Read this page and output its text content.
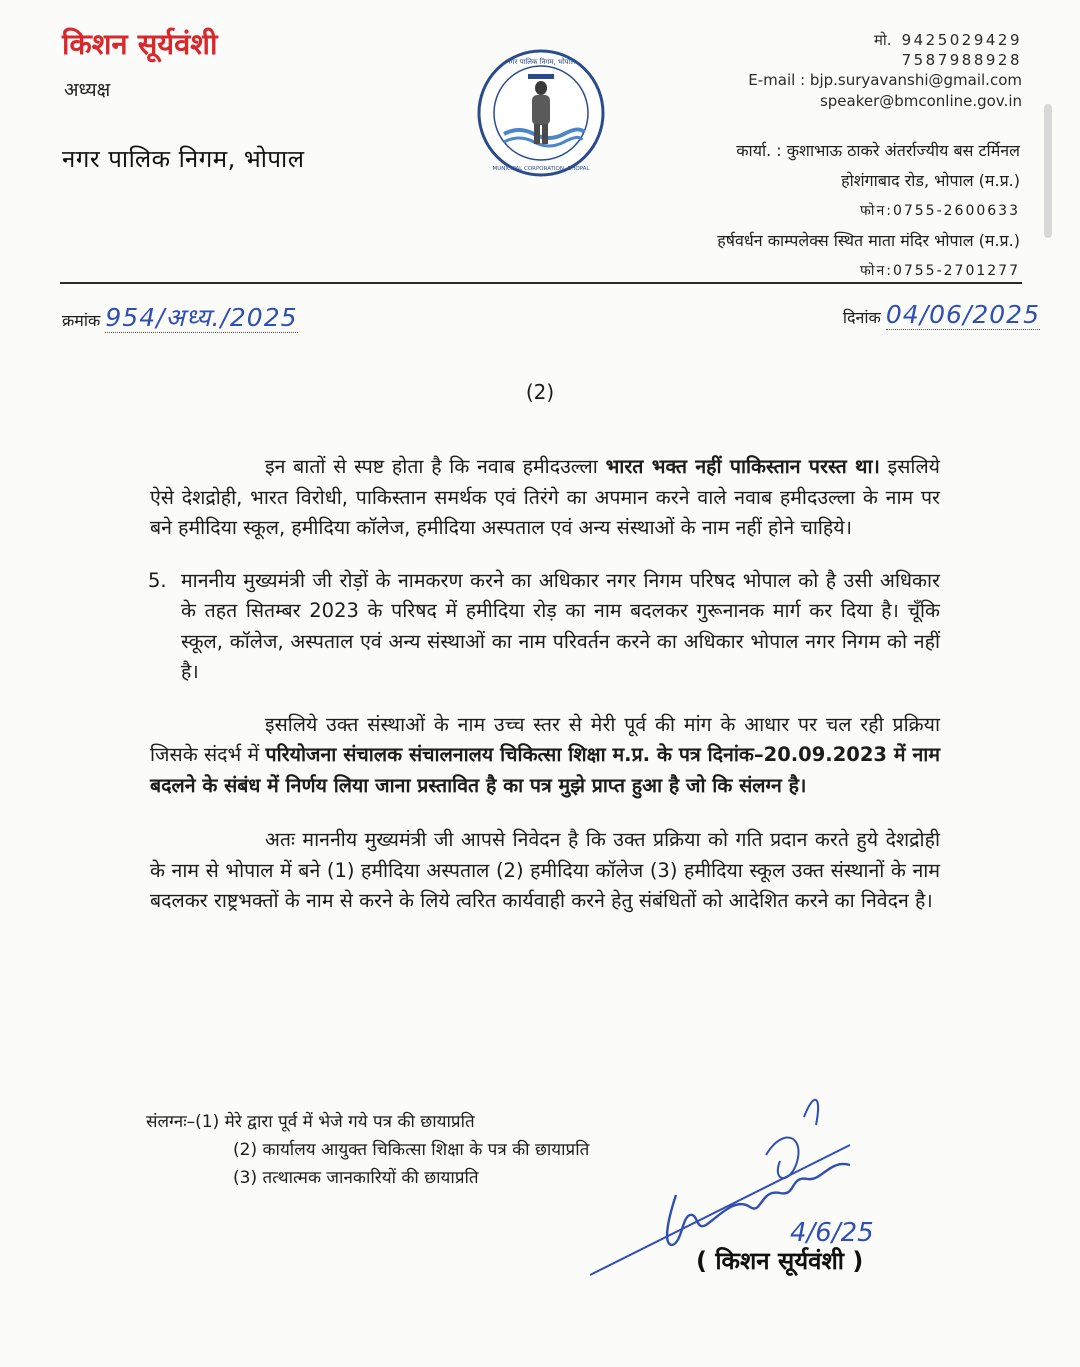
किशन सूर्यवंशी
अध्यक्ष
नगर पालिक निगम, भोपाल
नगर पालिक निगम, भोपाल
MUNICIPAL CORPORATION, BHOPAL
मो. 9425029429
7587988928
E-mail : bjp.suryavanshi@gmail.com
speaker@bmconline.gov.in
कार्या. : कुशाभाऊ ठाकरे अंतर्राज्यीय बस टर्मिनल
होशंगाबाद रोड, भोपाल (म.प्र.)
फोन:0755-2600633
हर्षवर्धन काम्पलेक्स स्थित माता मंदिर भोपाल (म.प्र.)
फोन:0755-2701277
क्रमांक 954/अध्य./2025	दिनांक 04/06/2025
(2)

इन बातों से स्पष्ट होता है कि नवाब हमीदउल्ला भारत भक्त नहीं पाकिस्तान परस्त था। इसलिये ऐसे देशद्रोही, भारत विरोधी, पाकिस्तान समर्थक एवं तिरंगे का अपमान करने वाले नवाब हमीदउल्ला के नाम पर बने हमीदिया स्कूल, हमीदिया कॉलेज, हमीदिया अस्पताल एवं अन्य संस्थाओं के नाम नहीं होने चाहिये।

5. माननीय मुख्यमंत्री जी रोड़ों के नामकरण करने का अधिकार नगर निगम परिषद भोपाल को है उसी अधिकार के तहत सितम्बर 2023 के परिषद में हमीदिया रोड़ का नाम बदलकर गुरूनानक मार्ग कर दिया है। चूँकि स्कूल, कॉलेज, अस्पताल एवं अन्य संस्थाओं का नाम परिवर्तन करने का अधिकार भोपाल नगर निगम को नहीं है।

इसलिये उक्त संस्थाओं के नाम उच्च स्तर से मेरी पूर्व की मांग के आधार पर चल रही प्रक्रिया जिसके संदर्भ में परियोजना संचालक संचालनालय चिकित्सा शिक्षा म.प्र. के पत्र दिनांक–20.09.2023 में नाम बदलने के संबंध में निर्णय लिया जाना प्रस्तावित है का पत्र मुझे प्राप्त हुआ है जो कि संलग्न है।

अतः माननीय मुख्यमंत्री जी आपसे निवेदन है कि उक्त प्रक्रिया को गति प्रदान करते हुये देशद्रोही के नाम से भोपाल में बने (1) हमीदिया अस्पताल (2) हमीदिया कॉलेज (3) हमीदिया स्कूल उक्त संस्थानों के नाम बदलकर राष्ट्रभक्तों के नाम से करने के लिये त्वरित कार्यवाही करने हेतु संबंधितों को आदेशित करने का निवेदन है।

संलग्नः– (1) मेरे द्वारा पूर्व में भेजे गये पत्र की छायाप्रति
(2) कार्यालय आयुक्त चिकित्सा शिक्षा के पत्र की छायाप्रति
(3) तत्थात्मक जानकारियों की छायाप्रति
4/6/25
( किशन सूर्यवंशी )
